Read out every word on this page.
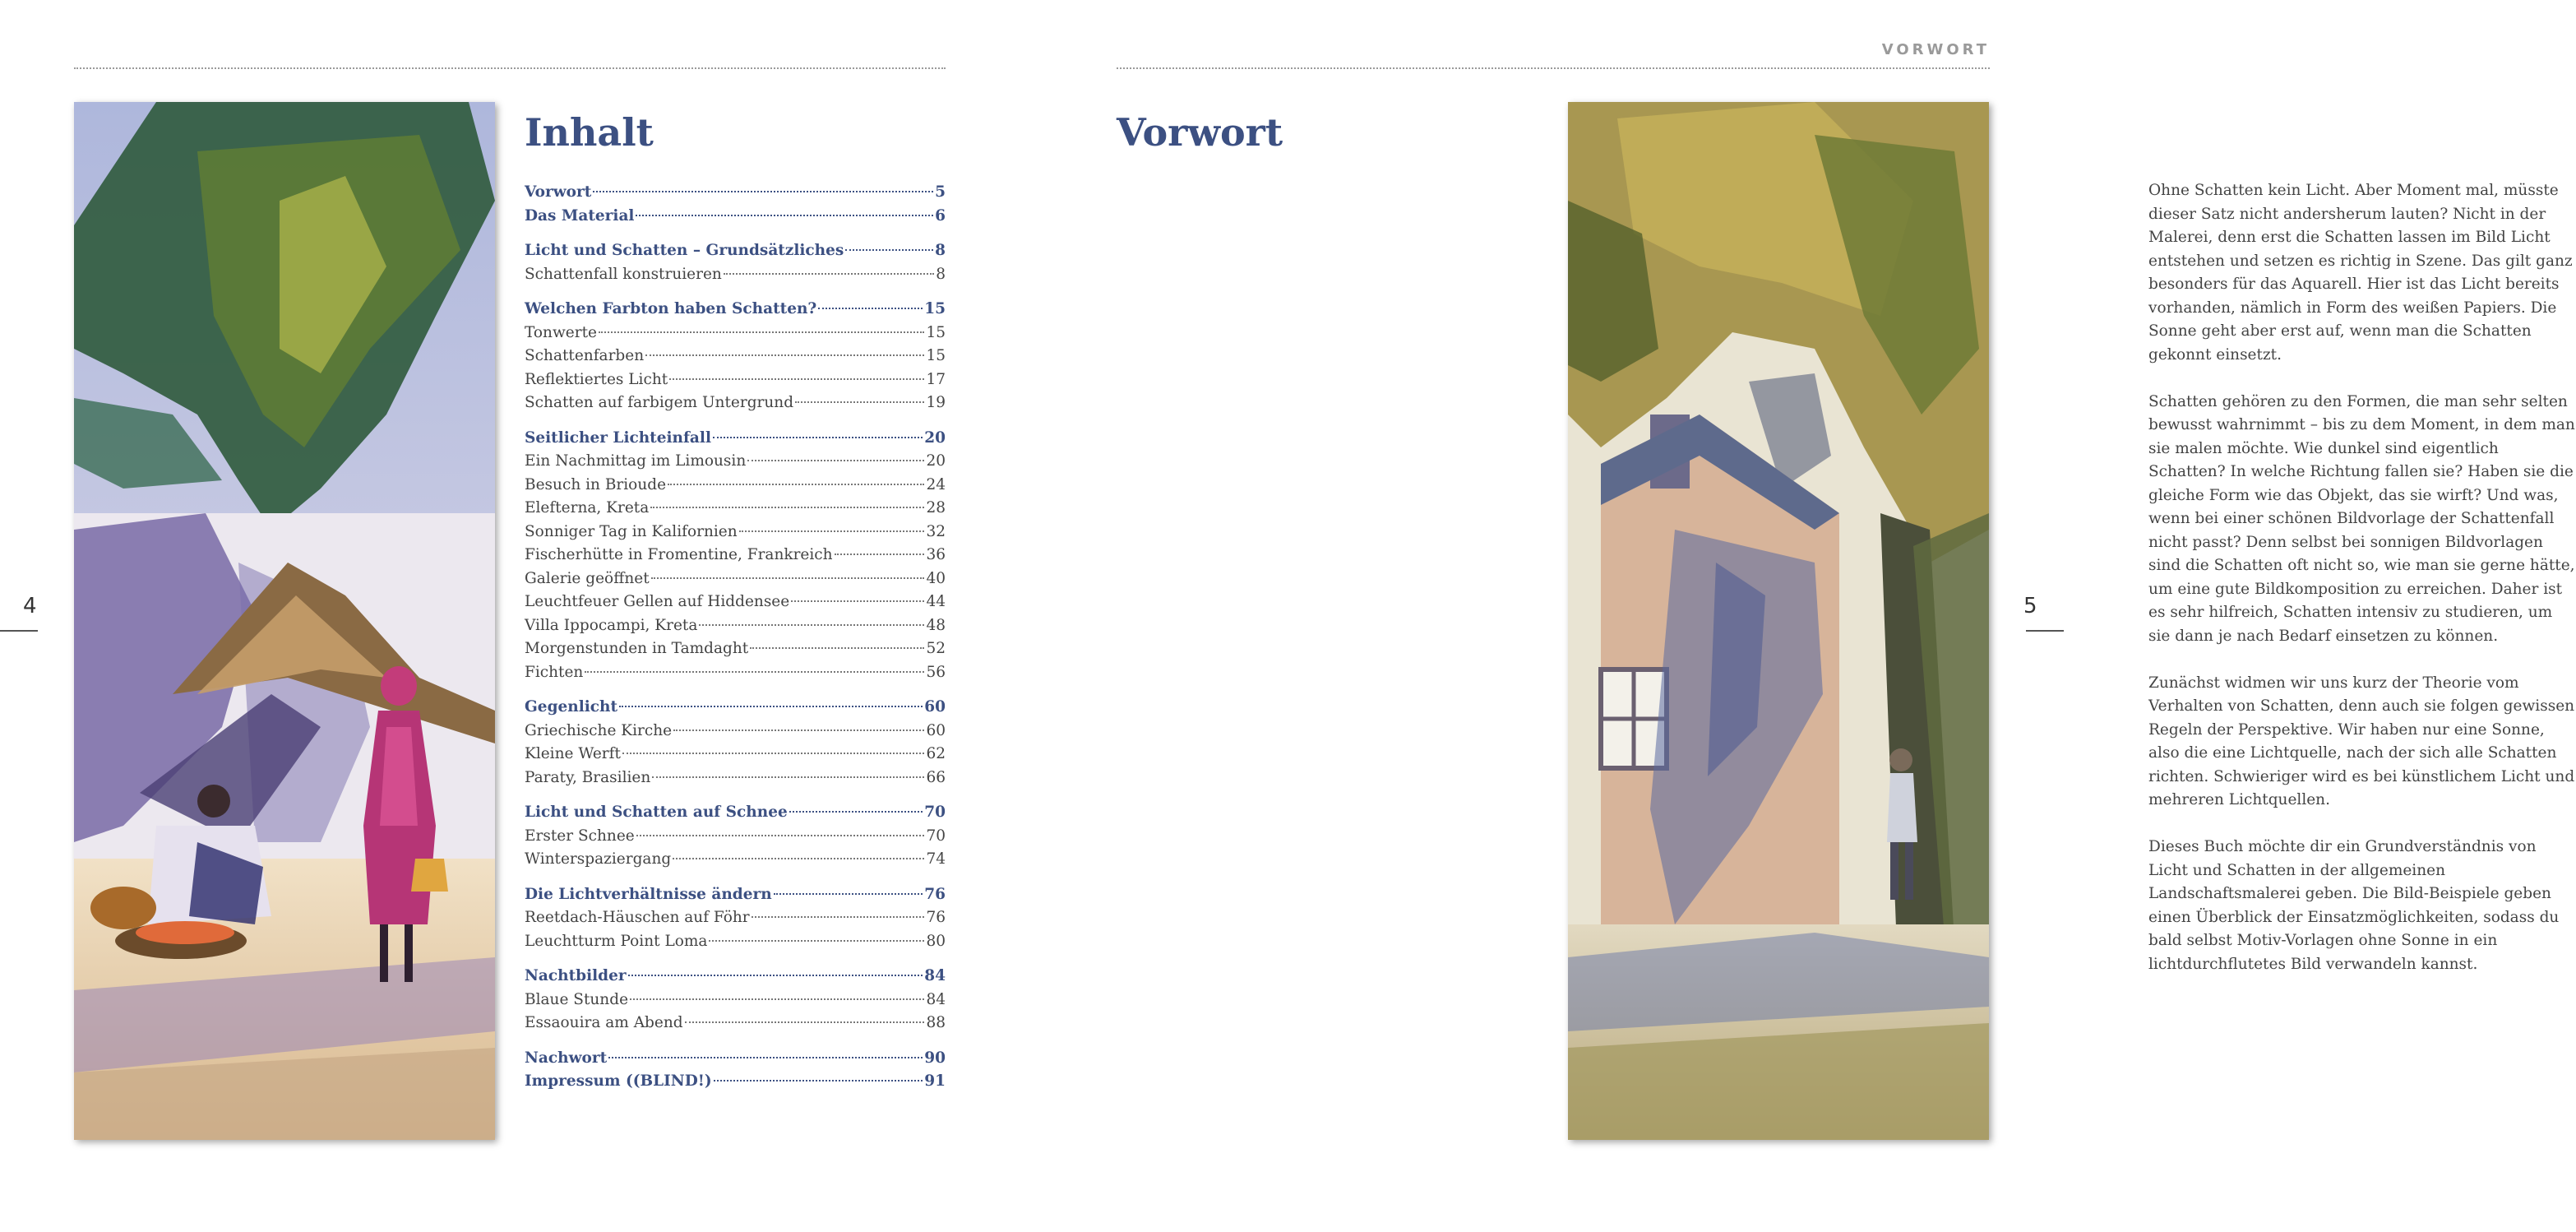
4
Inhalt
Vorwort	5
Das Material	6
Licht und Schatten – Grundsätzliches	8
Schattenfall konstruieren	8
Welchen Farbton haben Schatten?	15
Tonwerte	15
Schattenfarben	15
Reflektiertes Licht	17
Schatten auf farbigem Untergrund	19
Seitlicher Lichteinfall	20
Ein Nachmittag im Limousin	20
Besuch in Brioude	24
Elefterna, Kreta	28
Sonniger Tag in Kalifornien	32
Fischerhütte in Fromentine, Frankreich	36
Galerie geöffnet	40
Leuchtfeuer Gellen auf Hiddensee	44
Villa Ippocampi, Kreta	48
Morgenstunden in Tamdaght	52
Fichten	56
Gegenlicht	60
Griechische Kirche	60
Kleine Werft	62
Paraty, Brasilien	66
Licht und Schatten auf Schnee	70
Erster Schnee	70
Winterspaziergang	74
Die Lichtverhältnisse ändern	76
Reetdach-Häuschen auf Föhr	76
Leuchtturm Point Loma	80
Nachtbilder	84
Blaue Stunde	84
Essaouira am Abend	88
Nachwort	90
Impressum ((BLIND!)	91
VORWORT
5
Vorwort

Ohne Schatten kein Licht. Aber Moment mal, müsste dieser Satz nicht andersherum lauten? Nicht in der Malerei, denn erst die Schatten lassen im Bild Licht entstehen und setzen es richtig in Szene. Das gilt ganz besonders für das Aquarell. Hier ist das Licht bereits vorhanden, nämlich in Form des weißen Papiers. Die Sonne geht aber erst auf, wenn man die Schatten gekonnt einsetzt.

Schatten gehören zu den Formen, die man sehr selten bewusst wahrnimmt – bis zu dem Moment, in dem man sie malen möchte. Wie dunkel sind eigentlich Schatten? In welche Richtung fallen sie? Haben sie die gleiche Form wie das Objekt, das sie wirft? Und was, wenn bei einer schönen Bildvorlage der Schattenfall nicht passt? Denn selbst bei sonnigen Bildvorlagen sind die Schatten oft nicht so, wie man sie gerne hätte, um eine gute Bildkomposition zu erreichen. Daher ist es sehr hilfreich, Schatten intensiv zu studieren, um sie dann je nach Bedarf einsetzen zu können.

Zunächst widmen wir uns kurz der Theorie vom Verhalten von Schatten, denn auch sie folgen gewissen Regeln der Perspektive. Wir haben nur eine Sonne, also die eine Lichtquelle, nach der sich alle Schatten richten. Schwieriger wird es bei künstlichem Licht und mehreren Lichtquellen.

Dieses Buch möchte dir ein Grundverständnis von Licht und Schatten in der allgemeinen Landschaftsmalerei geben. Die Bild-Beispiele geben einen Überblick der Einsatzmöglichkeiten, sodass du bald selbst Motiv-Vorlagen ohne Sonne in ein lichtdurchflutetes Bild verwandeln kannst.
